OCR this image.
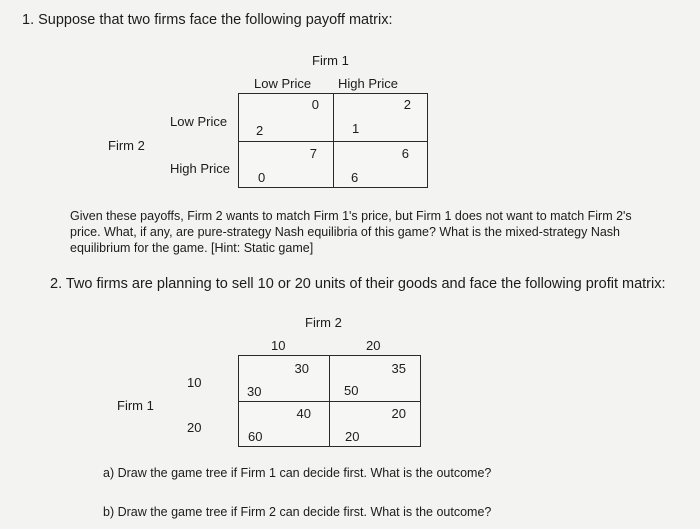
1. Suppose that two firms face the following payoff matrix:
Firm 1
Low Price High Price
Firm 2
Low Price
High Price
0
2
2
1
7
0
6
6
Given these payoffs, Firm 2 wants to match Firm 1's price, but Firm 1 does not want to match Firm 2's price. What, if any, are pure-strategy Nash equilibria of this game? What is the mixed-strategy Nash equilibrium for the game. [Hint: Static game]
2. Two firms are planning to sell 10 or 20 units of their goods and face the following profit matrix:
Firm 2
10	20
Firm 1
10
20
30
30
35
50
40
60
20
20
a) Draw the game tree if Firm 1 can decide first. What is the outcome?
b) Draw the game tree if Firm 2 can decide first. What is the outcome?
